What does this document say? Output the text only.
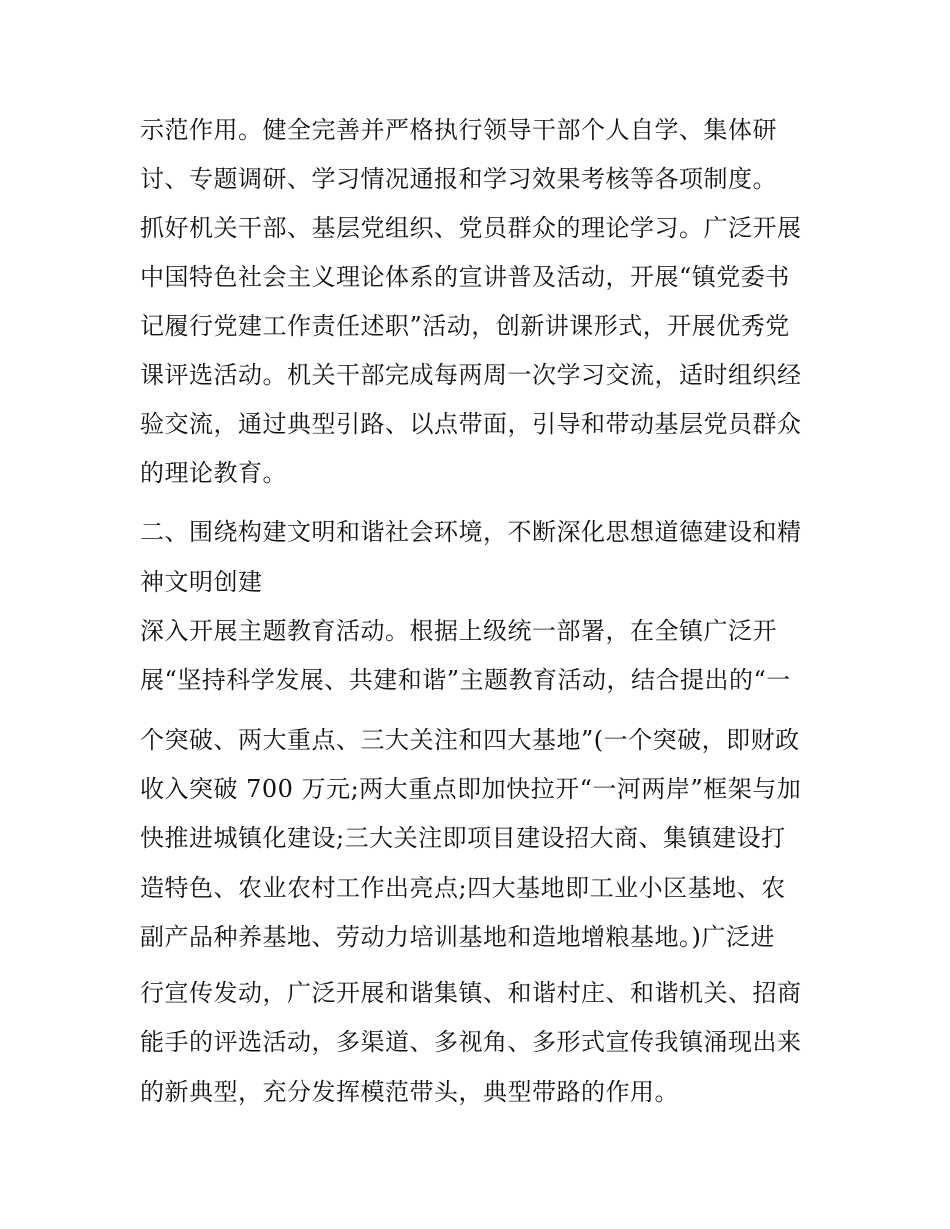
示范作用。健全完善并严格执行领导干部个人自学、集体研

讨、专题调研、学习情况通报和学习效果考核等各项制度。

抓好机关干部、基层党组织、党员群众的理论学习。广泛开展

中国特色社会主义理论体系的宣讲普及活动，开展“镇党委书

记履行党建工作责任述职”活动，创新讲课形式，开展优秀党

课评选活动。机关干部完成每两周一次学习交流，适时组织经

验交流，通过典型引路、以点带面，引导和带动基层党员群众

的理论教育。

二、围绕构建文明和谐社会环境，不断深化思想道德建设和精

神文明创建

深入开展主题教育活动。根据上级统一部署，在全镇广泛开

展“坚持科学发展、共建和谐”主题教育活动，结合提出的“一

个突破、两大重点、三大关注和四大基地”(一个突破，即财政

收入突破 700 万元;两大重点即加快拉开“一河两岸”框架与加

快推进城镇化建设;三大关注即项目建设招大商、集镇建设打

造特色、农业农村工作出亮点;四大基地即工业小区基地、农

副产品种养基地、劳动力培训基地和造地增粮基地。)广泛进

行宣传发动，广泛开展和谐集镇、和谐村庄、和谐机关、招商

能手的评选活动，多渠道、多视角、多形式宣传我镇涌现出来

的新典型，充分发挥模范带头，典型带路的作用。
